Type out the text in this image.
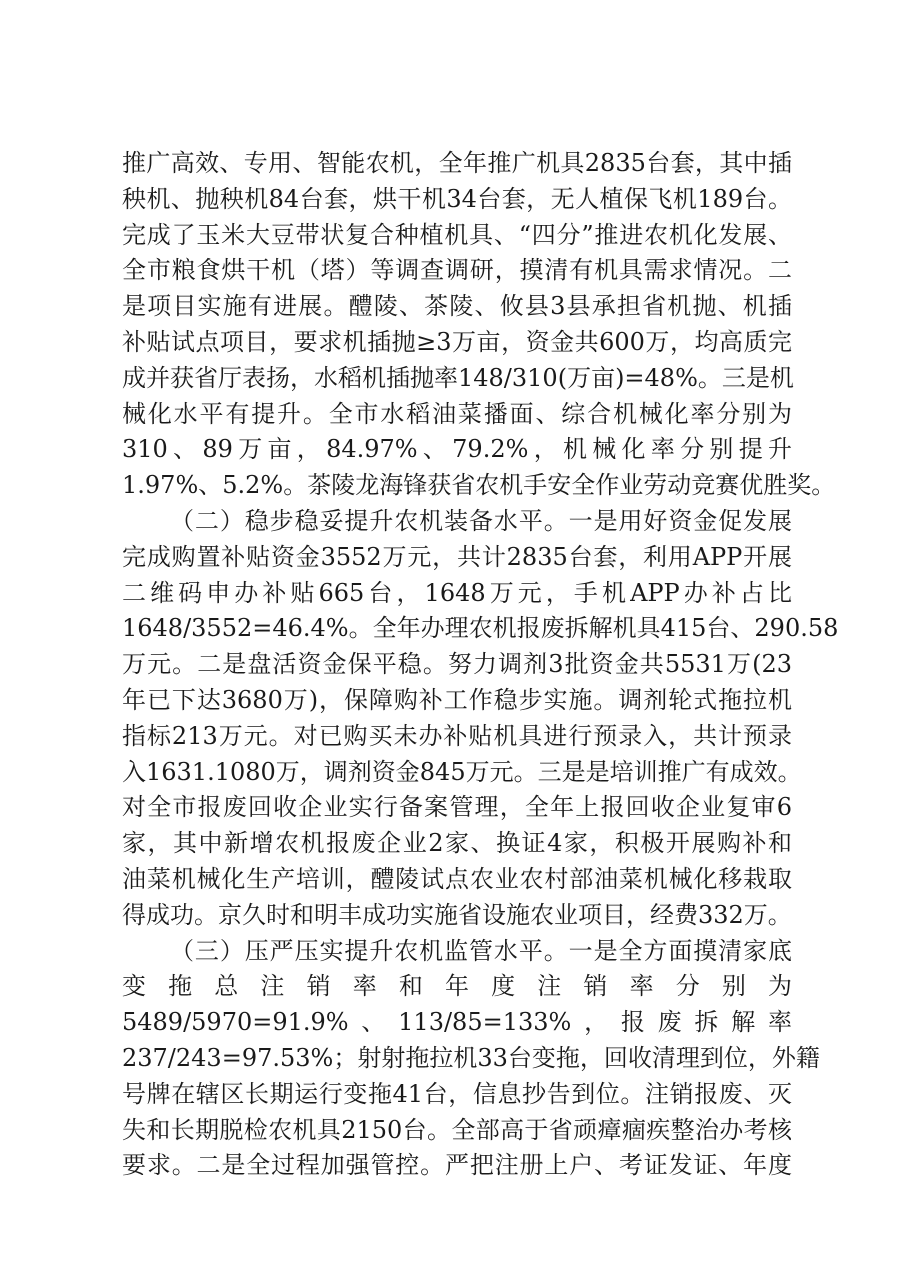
推广高效、专用、智能农机，全年推广机具2835台套，其中插
秧机、抛秧机84台套，烘干机34台套，无人植保飞机189台。
完成了玉米大豆带状复合种植机具、“四分”推进农机化发展、
全市粮食烘干机（塔）等调查调研，摸清有机具需求情况。二
是项目实施有进展。醴陵、茶陵、攸县3县承担省机抛、机插
补贴试点项目，要求机插抛≥3万亩，资金共600万，均高质完
成并获省厅表扬，水稻机插抛率148/310(万亩)=48%。三是机
械化水平有提升。全市水稻油菜播面、综合机械化率分别为
310、89万亩，84.97%、79.2%，机械化率分别提升
1.97%、5.2%。茶陵龙海锋获省农机手安全作业劳动竞赛优胜奖。
（二）稳步稳妥提升农机装备水平。一是用好资金促发展
完成购置补贴资金3552万元，共计2835台套，利用APP开展
二维码申办补贴665台，1648万元，手机APP办补占比
1648/3552=46.4%。全年办理农机报废拆解机具415台、290.58
万元。二是盘活资金保平稳。努力调剂3批资金共5531万(23
年已下达3680万)，保障购补工作稳步实施。调剂轮式拖拉机
指标213万元。对已购买未办补贴机具进行预录入，共计预录
入1631.1080万，调剂资金845万元。三是是培训推广有成效。
对全市报废回收企业实行备案管理，全年上报回收企业复审6
家，其中新增农机报废企业2家、换证4家，积极开展购补和
油菜机械化生产培训，醴陵试点农业农村部油菜机械化移栽取
得成功。京久时和明丰成功实施省设施农业项目，经费332万。
（三）压严压实提升农机监管水平。一是全方面摸清家底
变拖总注销率和年度注销率分别为
5489/5970=91.9%、113/85=133%，报废拆解率
237/243=97.53%；射射拖拉机33台变拖，回收清理到位，外籍
号牌在辖区长期运行变拖41台，信息抄告到位。注销报废、灭
失和长期脱检农机具2150台。全部高于省顽瘴痼疾整治办考核
要求。二是全过程加强管控。严把注册上户、考证发证、年度
